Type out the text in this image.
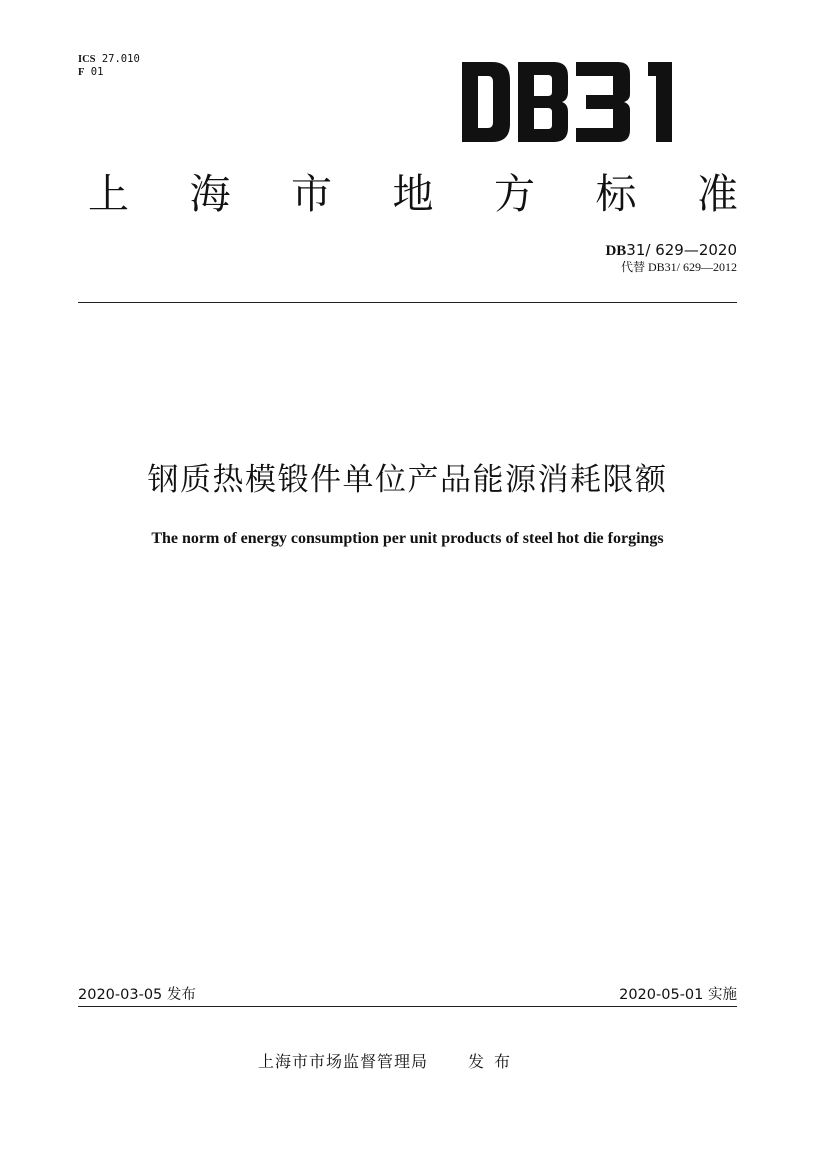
ICS 27.010
F 01
上 海 市 地 方 标 准
DB31/ 629—2020
代替 DB31/ 629—2012
钢质热模锻件单位产品能源消耗限额
The norm of energy consumption per unit products of steel hot die forgings
2020-03-05 发布	2020-05-01 实施
上海市市场监督管理局	发布
